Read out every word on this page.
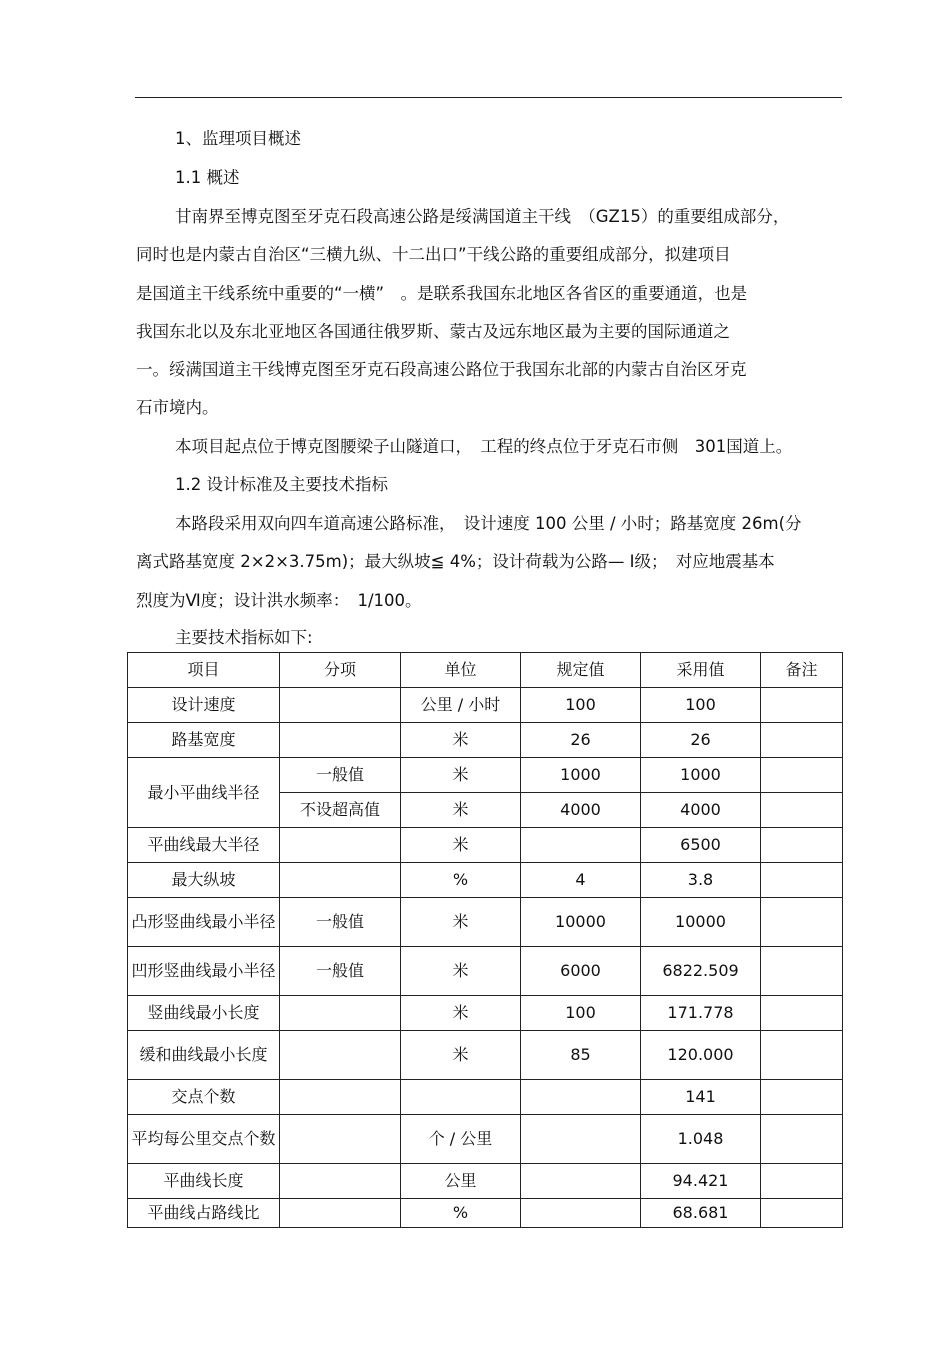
1、监理项目概述
1.1 概述
甘南界至博克图至牙克石段高速公路是绥满国道主干线　（GZ15）的重要组成部分，
同时也是内蒙古自治区“三横九纵、十二出口”干线公路的重要组成部分，拟建项目
是国道主干线系统中重要的“一横”　。是联系我国东北地区各省区的重要通道，也是
我国东北以及东北亚地区各国通往俄罗斯、蒙古及远东地区最为主要的国际通道之
一。绥满国道主干线博克图至牙克石段高速公路位于我国东北部的内蒙古自治区牙克
石市境内。
本项目起点位于博克图腰梁子山隧道口，　工程的终点位于牙克石市侧　301国道上。
1.2 设计标准及主要技术指标
本路段采用双向四车道高速公路标准，　设计速度 100 公里 / 小时；路基宽度 26m(分
离式路基宽度 2×2×3.75m)；最大纵坡≦ 4%；设计荷载为公路— Ⅰ级；　对应地震基本
烈度为Ⅵ度；设计洪水频率：　1/100。
主要技术指标如下:
项目	分项	单位	规定值	采用值	备注
设计速度		公里 / 小时	100	100	
路基宽度		米	26	26	
最小平曲线半径	一般值	米	1000	1000	
	不设超高值	米	4000	4000	
平曲线最大半径		米		6500	
最大纵坡		%	4	3.8	
凸形竖曲线最小半径	一般值	米	10000	10000	
凹形竖曲线最小半径	一般值	米	6000	6822.509	
竖曲线最小长度		米	100	171.778	
缓和曲线最小长度		米	85	120.000	
交点个数				141	
平均每公里交点个数		个 / 公里		1.048	
平曲线长度		公里		94.421	
平曲线占路线比		%		68.681	
